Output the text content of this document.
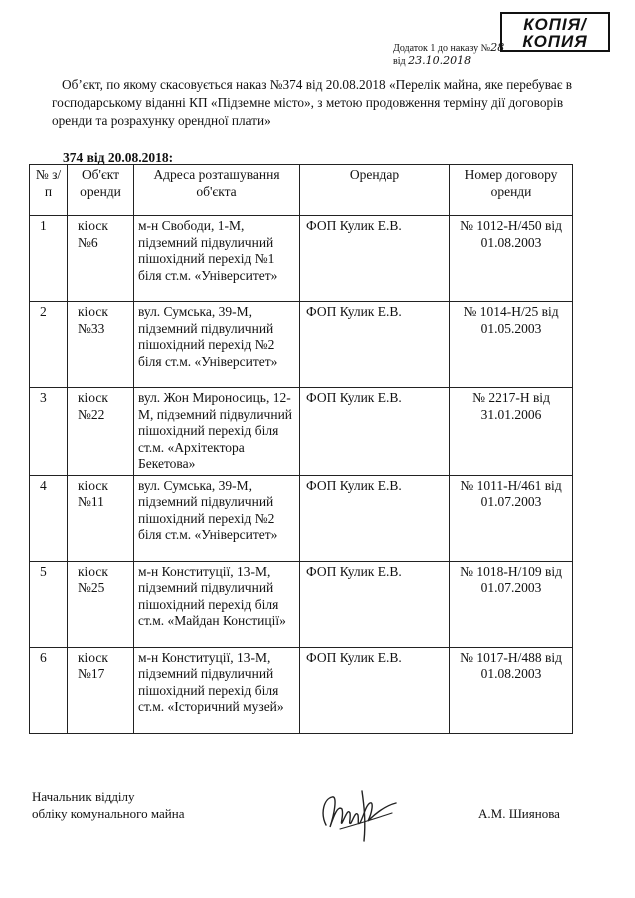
КОПІЯ/
КОПИЯ
Додаток 1 до наказу №28
від 23.10.2018
Об’єкт, по якому скасовується наказ №374 від 20.08.2018 «Перелік майна, яке перебуває в господарському віданні КП «Підземне місто», з метою продовження терміну дії договорів оренди та розрахунку орендної плати»
374 від 20.08.2018:
№ з/п	Об'єкт оренди	Адреса розташування об'єкта	Орендар	Номер договору оренди
1	кіоск №6	м-н Свободи, 1-М, підземний підвуличний пішохідний перехід №1 біля ст.м. «Університет»	ФОП Кулик Е.В.	№ 1012-Н/450 від 01.08.2003
2	кіоск №33	вул. Сумська, 39-М, підземний підвуличний пішохідний перехід №2 біля ст.м. «Університет»	ФОП Кулик Е.В.	№ 1014-Н/25 від 01.05.2003
3	кіоск №22	вул. Жон Мироносиць, 12-М, підземний підвуличний пішохідний перехід біля ст.м. «Архітектора Бекетова»	ФОП Кулик Е.В.	№ 2217-Н від 31.01.2006
4	кіоск №11	вул. Сумська, 39-М, підземний підвуличний пішохідний перехід №2 біля ст.м. «Університет»	ФОП Кулик Е.В.	№ 1011-Н/461 від 01.07.2003
5	кіоск №25	м-н Конституції, 13-М, підземний підвуличний пішохідний перехід біля ст.м. «Майдан Констиції»	ФОП Кулик Е.В.	№ 1018-Н/109 від 01.07.2003
6	кіоск №17	м-н Конституції, 13-М, підземний підвуличний пішохідний перехід біля ст.м. «Історичний музей»	ФОП Кулик Е.В.	№ 1017-Н/488 від 01.08.2003
Начальник відділу
обліку комунального майна	А.М. Шиянова
